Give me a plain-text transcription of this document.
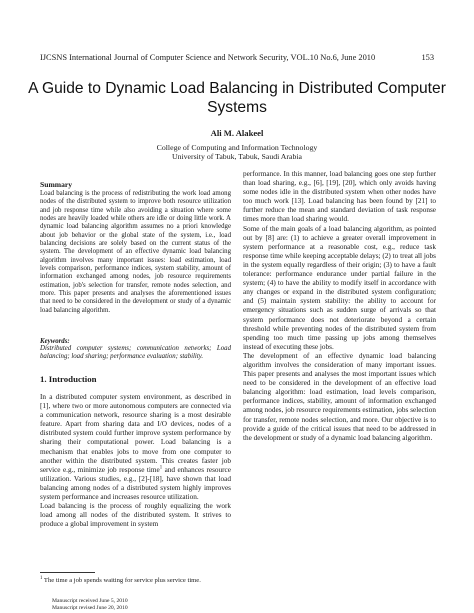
IJCSNS International Journal of Computer Science and Network Security, VOL.10 No.6, June 2010	153
A Guide to Dynamic Load Balancing in Distributed Computer Systems
Ali M. Alakeel
College of Computing and Information Technology
University of Tabuk, Tabuk, Saudi Arabia
Summary

Load balancing is the process of redistributing the work load among nodes of the distributed system to improve both resource utilization and job response time while also avoiding a situation where some nodes are heavily loaded while others are idle or doing little work. A dynamic load balancing algorithm assumes no a priori knowledge about job behavior or the global state of the system, i.e., load balancing decisions are solely based on the current status of the system. The development of an effective dynamic load balancing algorithm involves many important issues: load estimation, load levels comparison, performance indices, system stability, amount of information exchanged among nodes, job resource requirements estimation, job's selection for transfer, remote nodes selection, and more. This paper presents and analyses the aforementioned issues that need to be considered in the development or study of a dynamic load balancing algorithm.

Keywords:
Distributed computer systems; communication networks; Load balancing; load sharing; performance evaluation; stability.
1. Introduction

In a distributed computer system environment, as described in [1], where two or more autonomous computers are connected via a communication network, resource sharing is a most desirable feature. Apart from sharing data and I/O devices, nodes of a distributed system could further improve system performance by sharing their computational power. Load balancing is a mechanism that enables jobs to move from one computer to another within the distributed system. This creates faster job service e.g., minimize job response time$^1$ and enhances resource utilization. Various studies, e.g., [2]-[18], have shown that load balancing among nodes of a distributed system highly improves system performance and increases resource utilization.

Load balancing is the process of roughly equalizing the work load among all nodes of the distributed system. It strives to produce a global improvement in system

performance. In this manner, load balancing goes one step further than load sharing, e.g., [6], [19], [20], which only avoids having some nodes idle in the distributed system when other nodes have too much work [13]. Load balancing has been found by [21] to further reduce the mean and standard deviation of task response times more than load sharing would.

Some of the main goals of a load balancing algorithm, as pointed out by [8] are: (1) to achieve a greater overall improvement in system performance at a reasonable cost, e.g., reduce task response time while keeping acceptable delays; (2) to treat all jobs in the system equally regardless of their origin; (3) to have a fault tolerance: performance endurance under partial failure in the system; (4) to have the ability to modify itself in accordance with any changes or expand in the distributed system configuration; and (5) maintain system stability: the ability to account for emergency situations such as sudden surge of arrivals so that system performance does not deteriorate beyond a certain threshold while preventing nodes of the distributed system from spending too much time passing up jobs among themselves instead of executing these jobs.

The development of an effective dynamic load balancing algorithm involves the consideration of many important issues. This paper presents and analyses the most important issues which need to be considered in the development of an effective load balancing algorithm: load estimation, load levels comparison, performance indices, stability, amount of information exchanged among nodes, job resource requirements estimation, jobs selection for transfer, remote nodes selection, and more. Our objective is to provide a guide of the critical issues that need to be addressed in the development or study of a dynamic load balancing algorithm.

$^1$ The time a job spends waiting for service plus service time.
Manuscript received June 5, 2010
Manuscript revised June 20, 2010
